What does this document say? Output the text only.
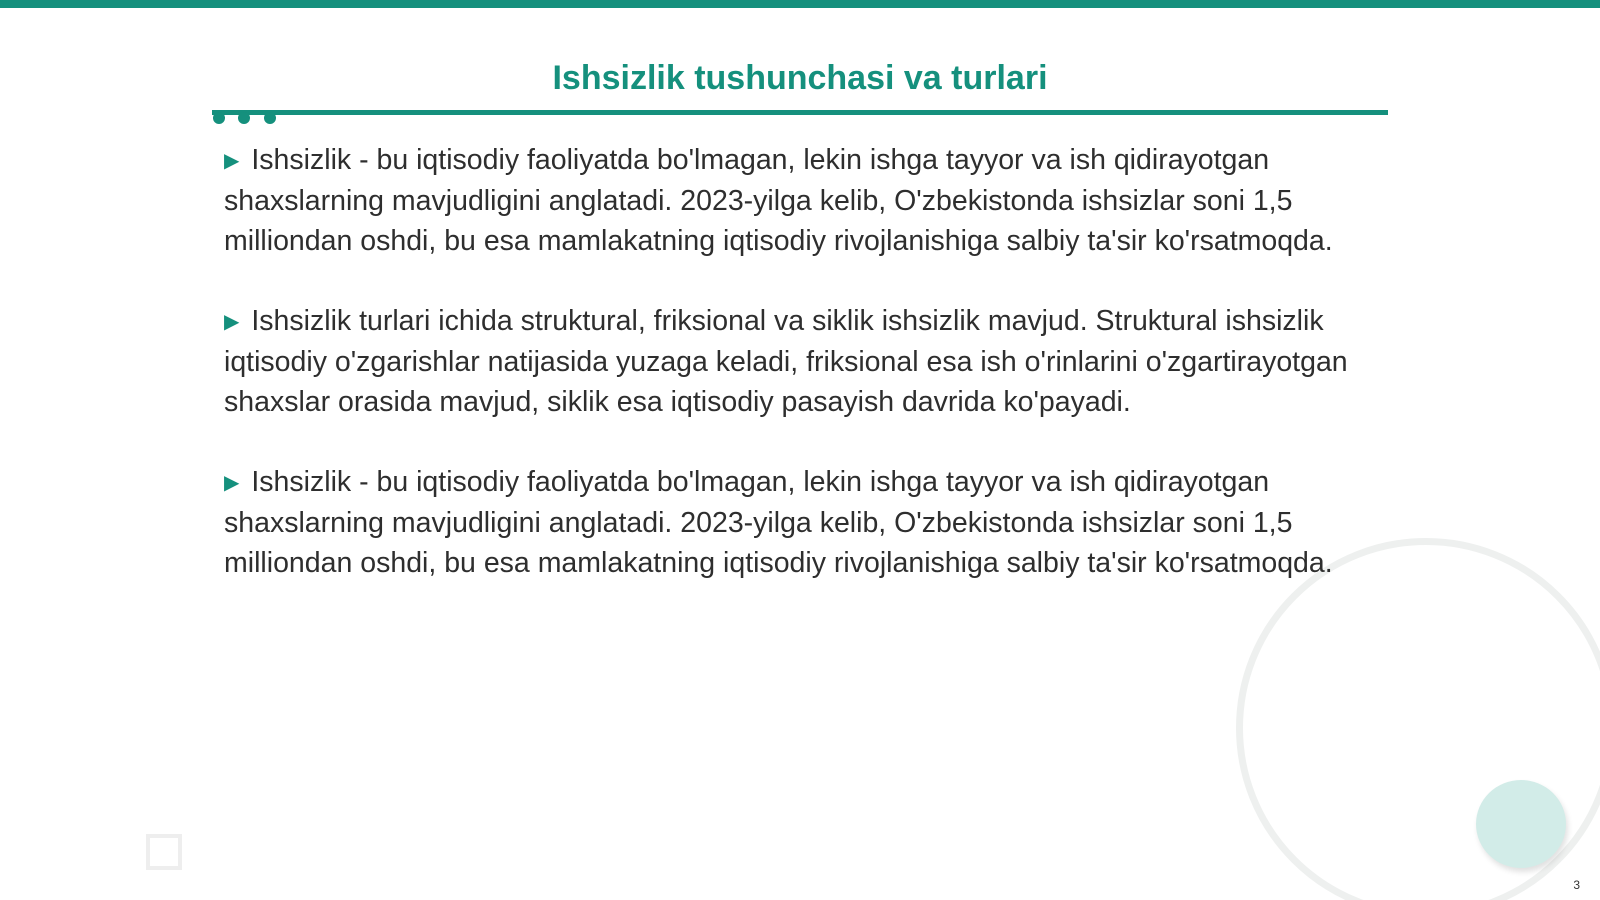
Ishsizlik tushunchasi va turlari
▶ Ishsizlik - bu iqtisodiy faoliyatda bo'lmagan, lekin ishga tayyor va ish qidirayotgan shaxslarning mavjudligini anglatadi. 2023-yilga kelib, O'zbekistonda ishsizlar soni 1,5 milliondan oshdi, bu esa mamlakatning iqtisodiy rivojlanishiga salbiy ta'sir ko'rsatmoqda.
▶ Ishsizlik turlari ichida struktural, friksional va siklik ishsizlik mavjud. Struktural ishsizlik iqtisodiy o'zgarishlar natijasida yuzaga keladi, friksional esa ish o'rinlarini o'zgartirayotgan shaxslar orasida mavjud, siklik esa iqtisodiy pasayish davrida ko'payadi.
▶ Ishsizlik - bu iqtisodiy faoliyatda bo'lmagan, lekin ishga tayyor va ish qidirayotgan shaxslarning mavjudligini anglatadi. 2023-yilga kelib, O'zbekistonda ishsizlar soni 1,5 milliondan oshdi, bu esa mamlakatning iqtisodiy rivojlanishiga salbiy ta'sir ko'rsatmoqda.
3
